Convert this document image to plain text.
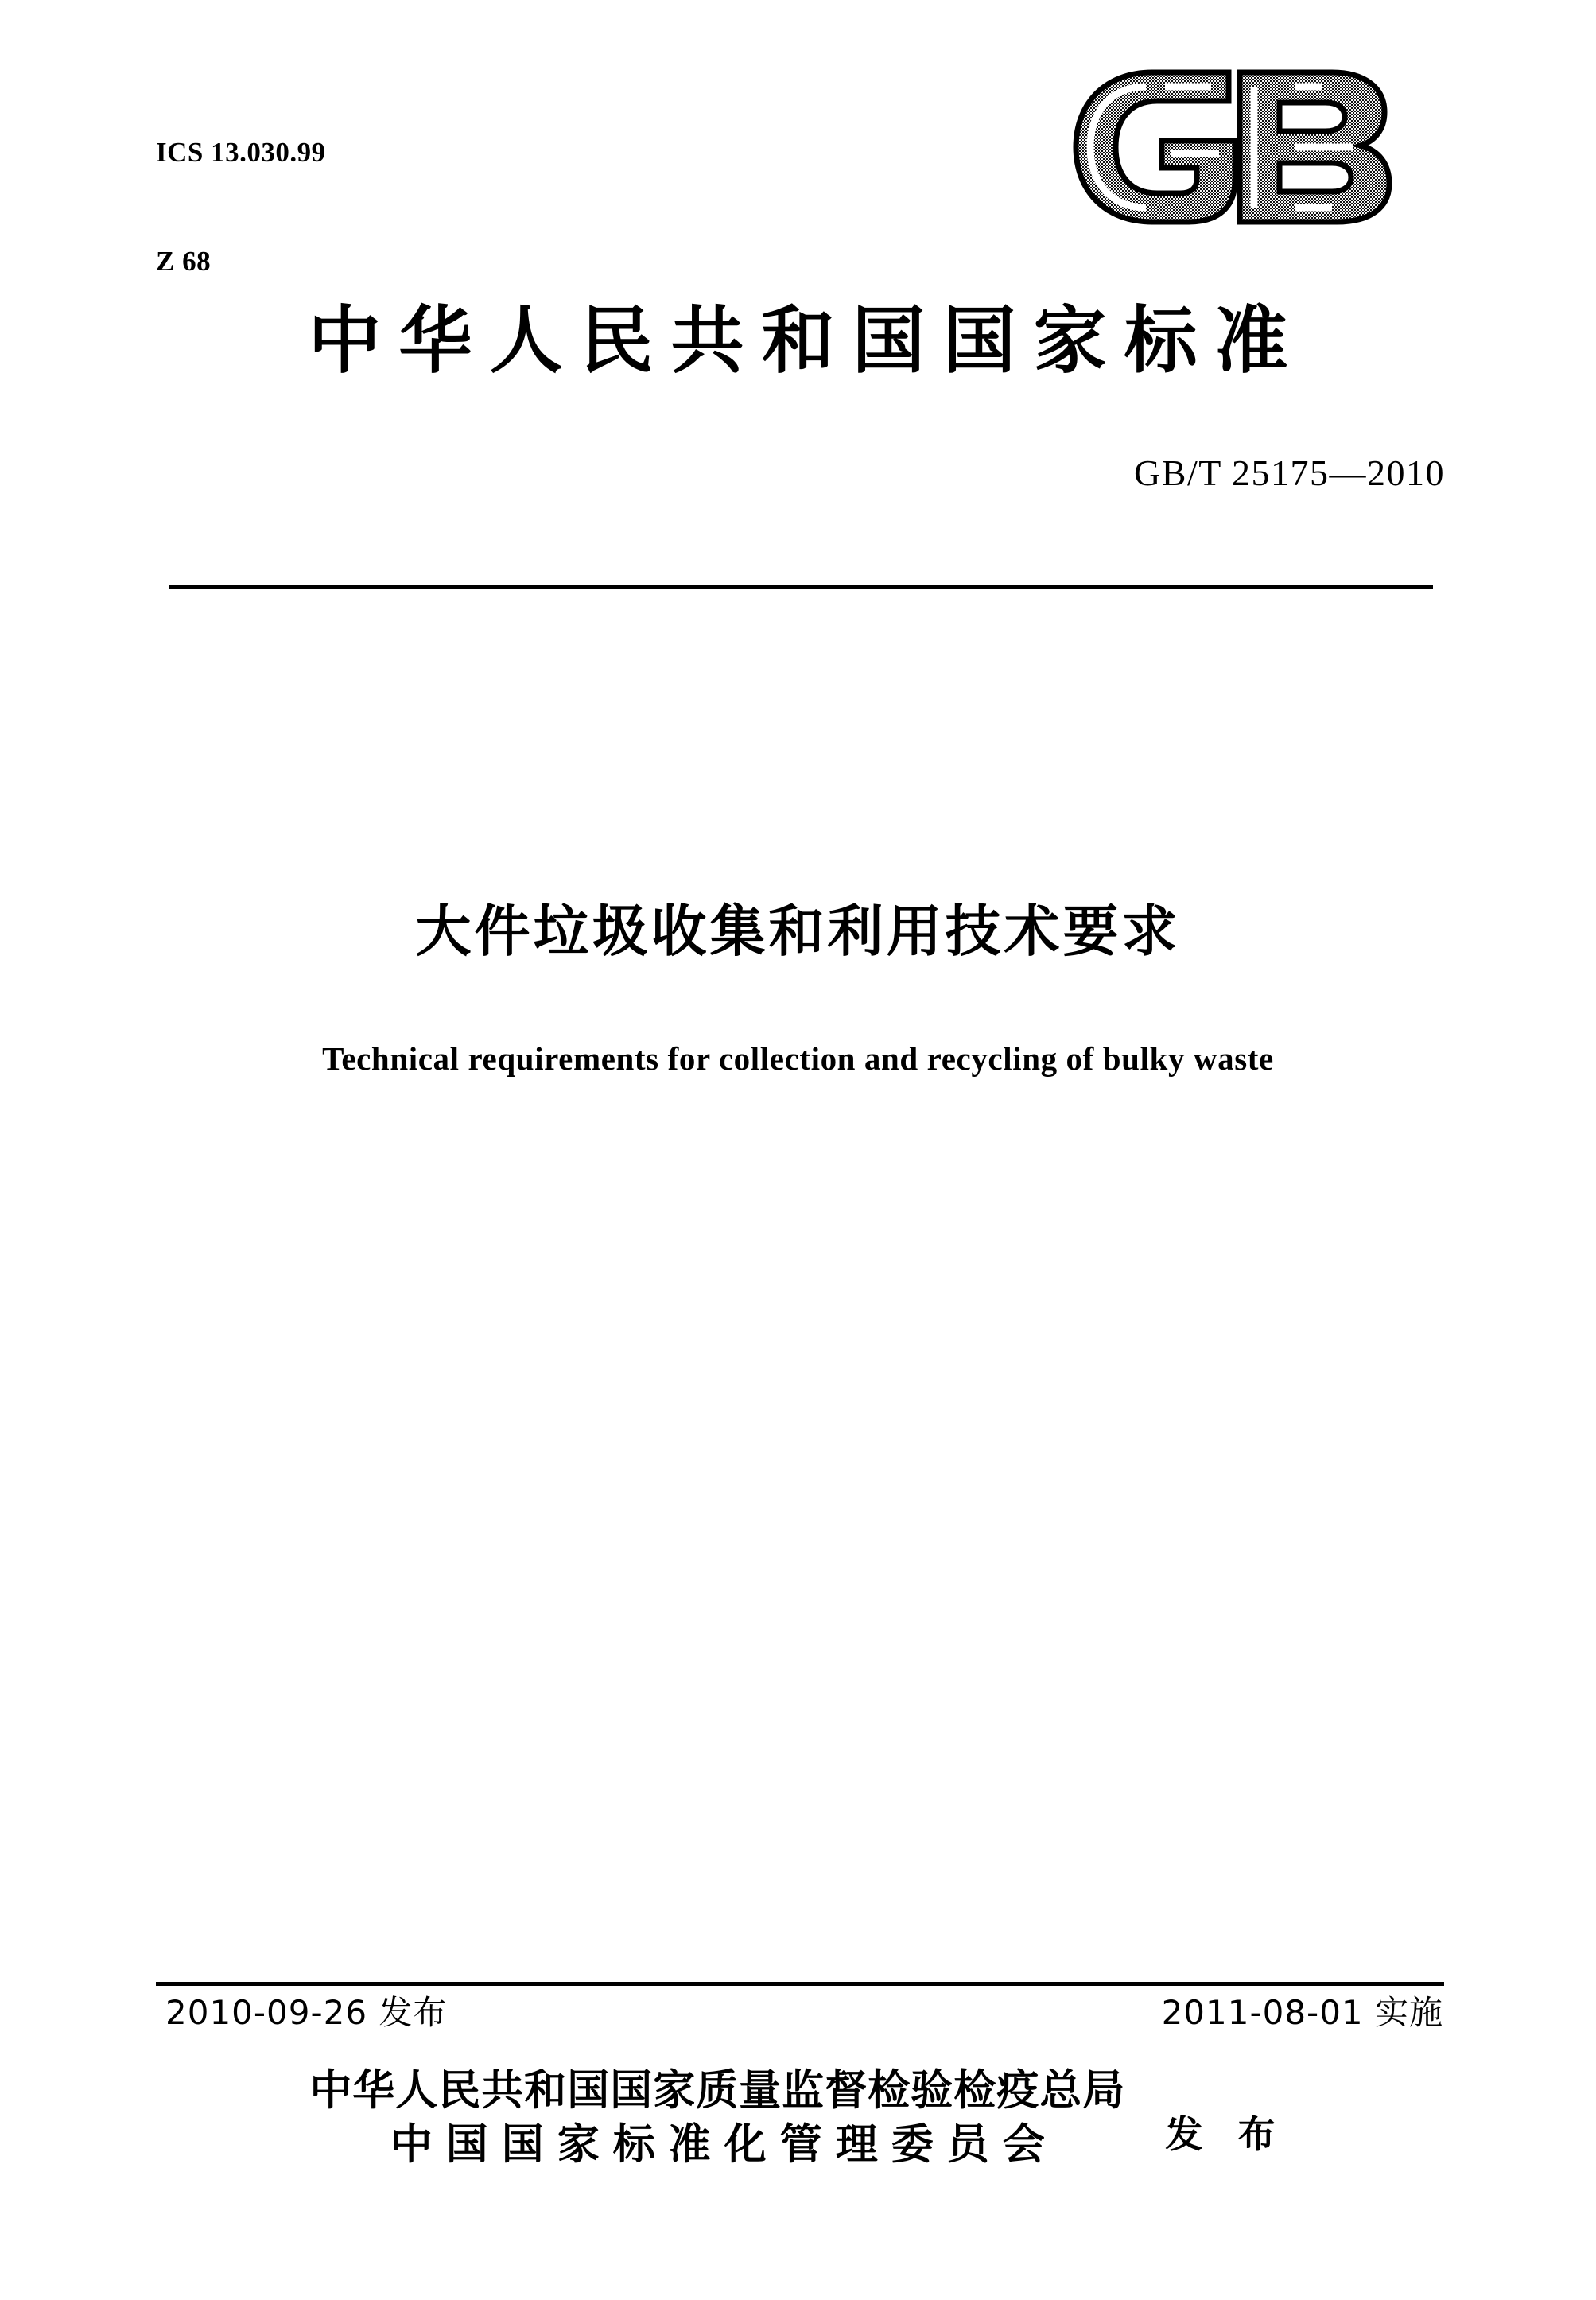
ICS 13.030.99

Z 68

中华人民共和国国家标准
GB/T 25175—2010
大件垃圾收集和利用技术要求
Technical requirements for collection and recycling of bulky waste
2010-09-26 发布	2011-08-01 实施
中华人民共和国国家质量监督检验检疫总局
中国国家标准化管理委员会	发 布
